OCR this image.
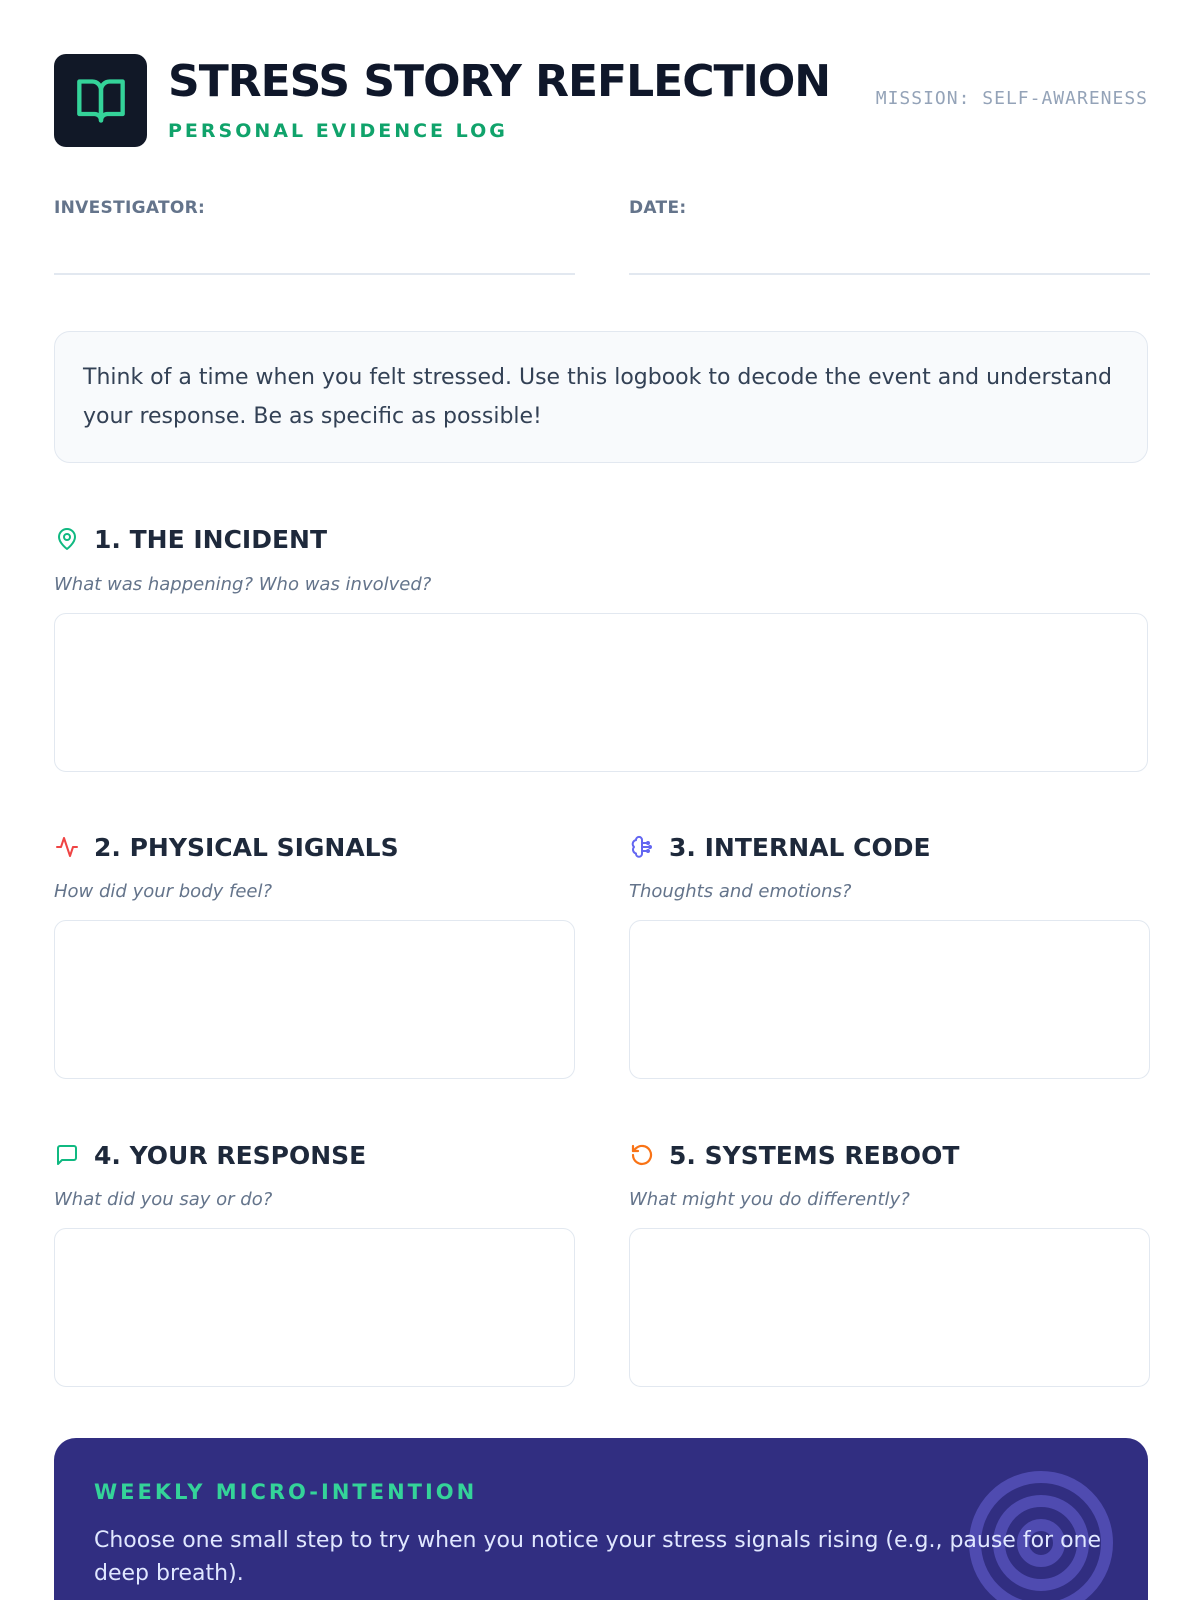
STRESS STORY REFLECTION	MISSION: SELF-AWARENESS
PERSONAL EVIDENCE LOG
INVESTIGATOR:	DATE:
Think of a time when you felt stressed. Use this logbook to decode the event and understand your response. Be as specific as possible!
1. THE INCIDENT
What was happening? Who was involved?
2. PHYSICAL SIGNALS
How did your body feel?
3. INTERNAL CODE
Thoughts and emotions?
4. YOUR RESPONSE
What did you say or do?
5. SYSTEMS REBOOT
What might you do differently?
WEEKLY MICRO-INTENTION
Choose one small step to try when you notice your stress signals rising (e.g., pause for one deep breath).
